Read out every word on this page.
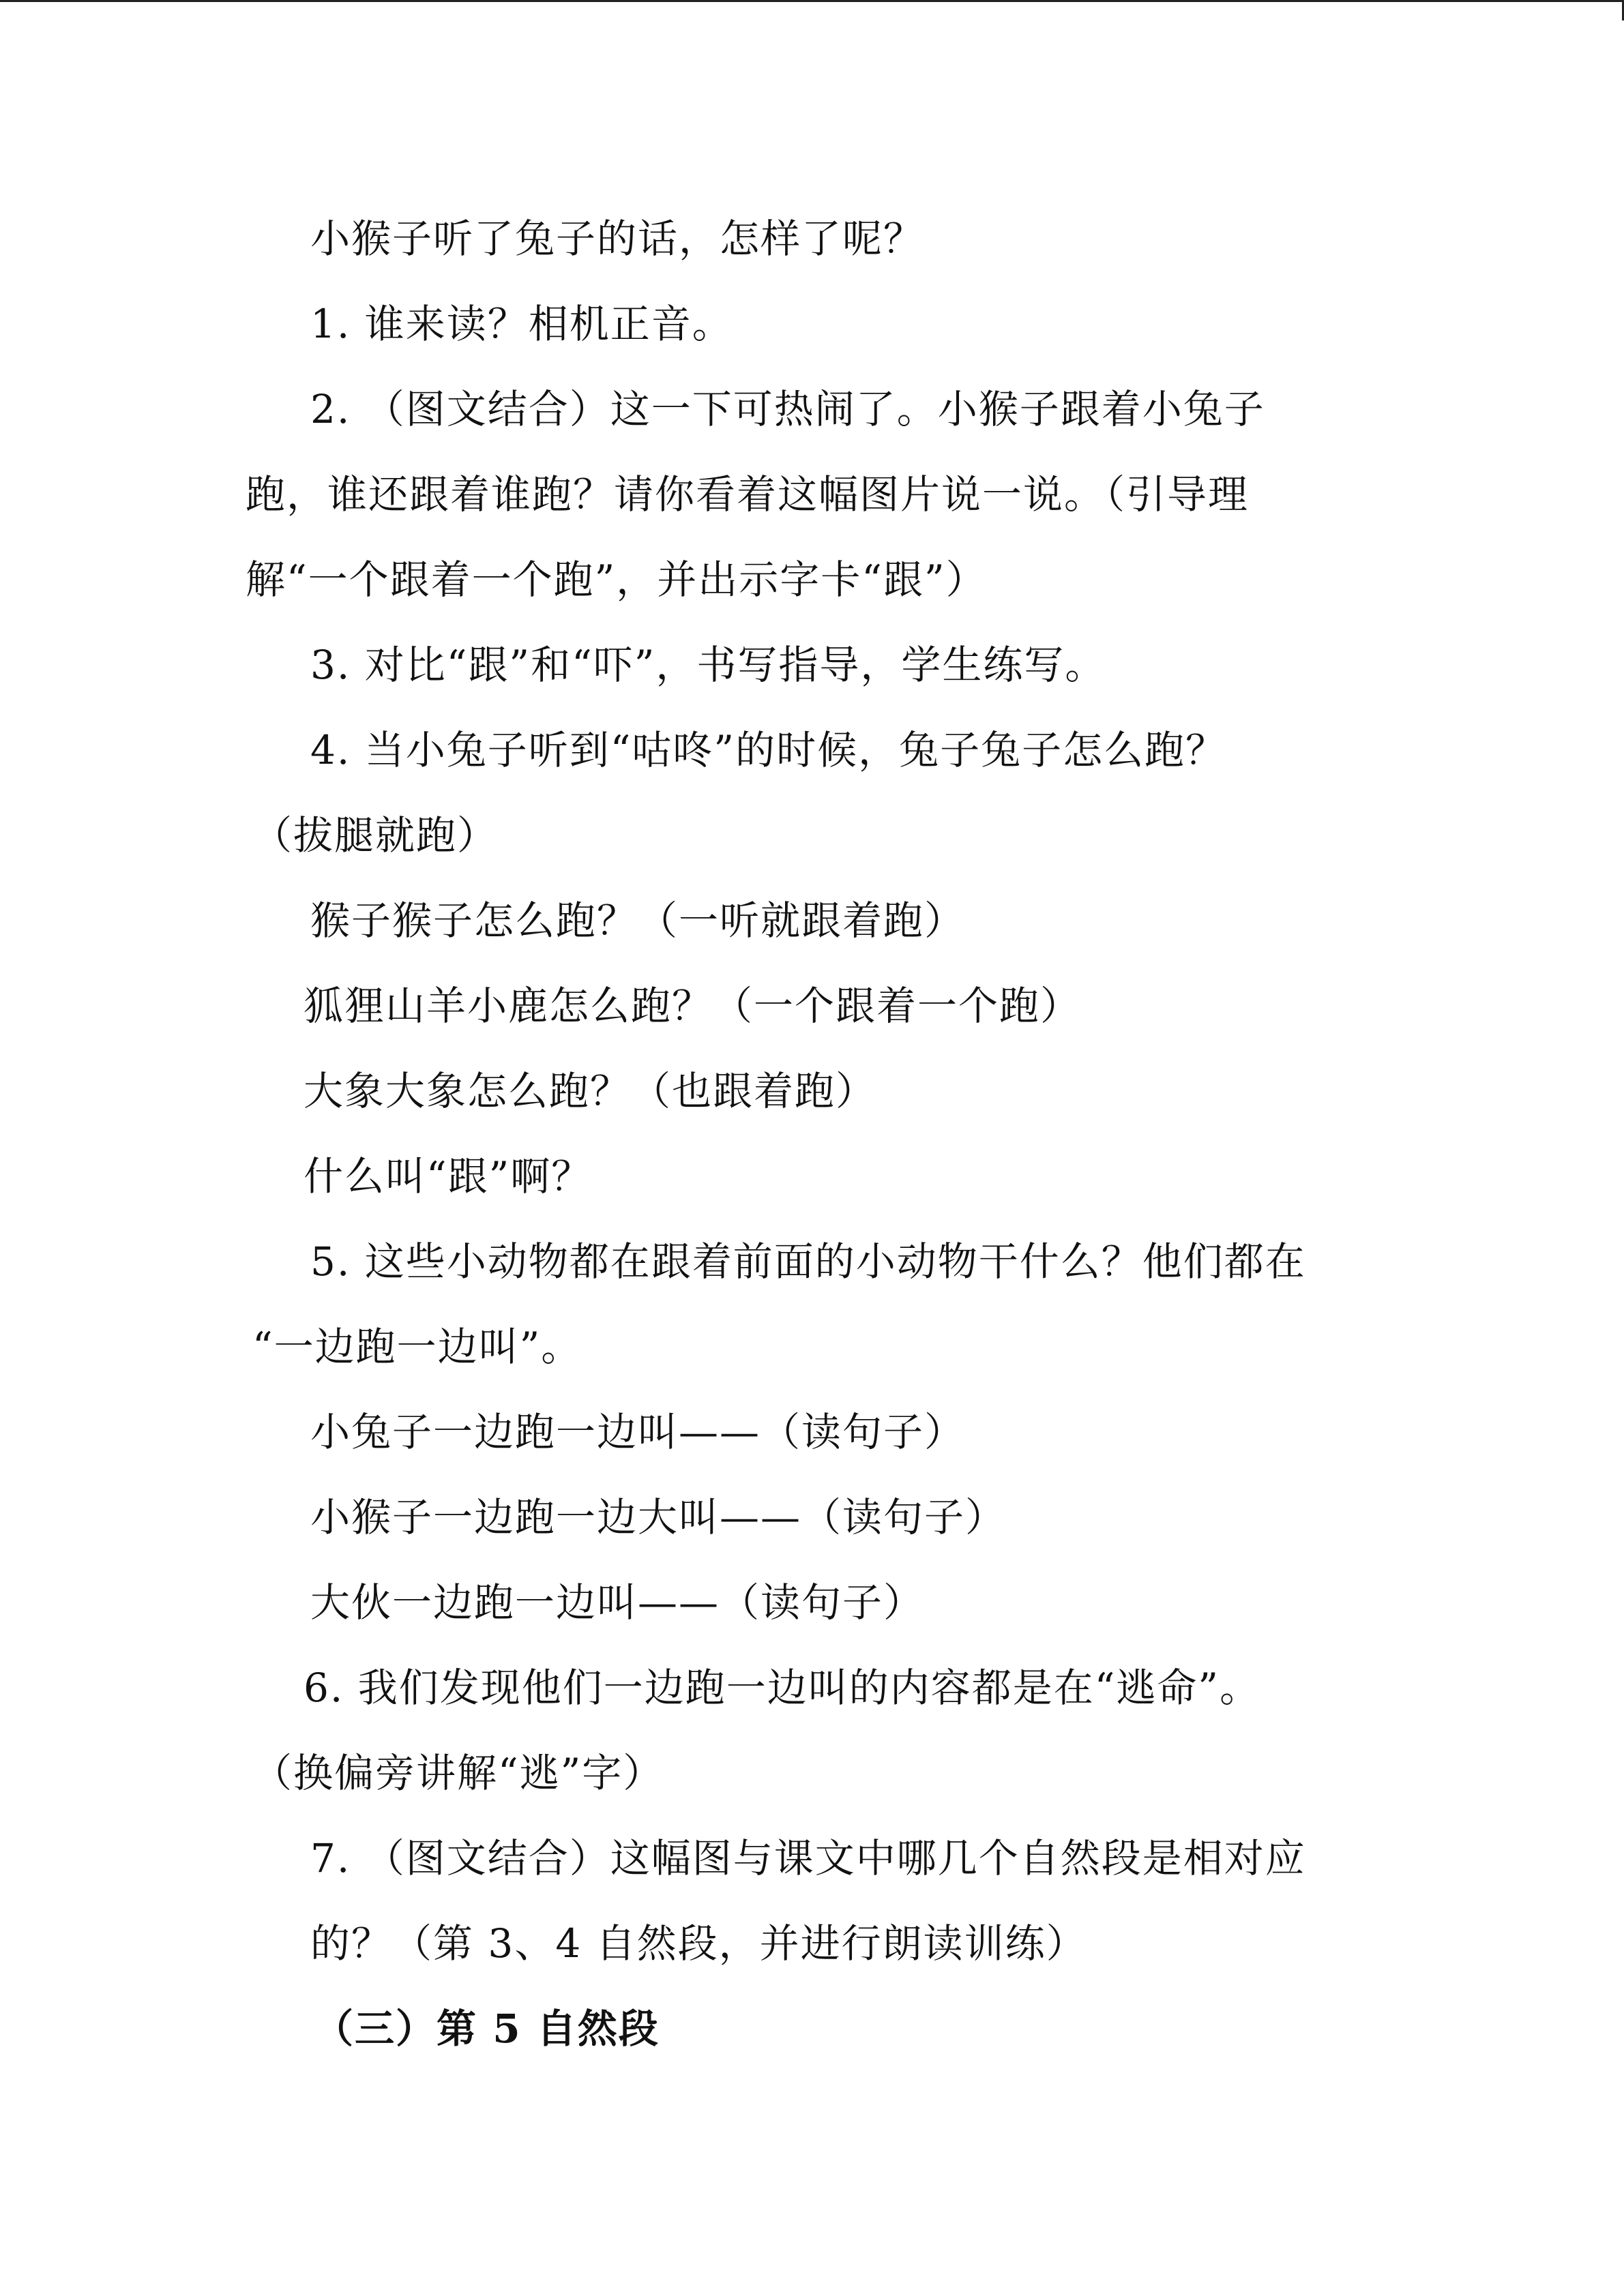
小猴子听了兔子的话，怎样了呢？
1. 谁来读？相机正音。
2. （图文结合）这一下可热闹了。小猴子跟着小兔子
跑，谁还跟着谁跑？请你看着这幅图片说一说。（引导理
解“一个跟着一个跑”，并出示字卡“跟”）
3. 对比“跟”和“吓”，书写指导，学生练写。
4. 当小兔子听到“咕咚”的时候，兔子兔子怎么跑？
（拔腿就跑）
猴子猴子怎么跑？（一听就跟着跑）
狐狸山羊小鹿怎么跑？（一个跟着一个跑）
大象大象怎么跑？（也跟着跑）
什么叫“跟”啊？
5. 这些小动物都在跟着前面的小动物干什么？他们都在
“一边跑一边叫”。
小兔子一边跑一边叫——（读句子）
小猴子一边跑一边大叫——（读句子）
大伙一边跑一边叫——（读句子）
6. 我们发现他们一边跑一边叫的内容都是在“逃命”。
（换偏旁讲解“逃”字）
7. （图文结合）这幅图与课文中哪几个自然段是相对应
的？（第 3、4 自然段，并进行朗读训练）
（三）第 5 自然段
